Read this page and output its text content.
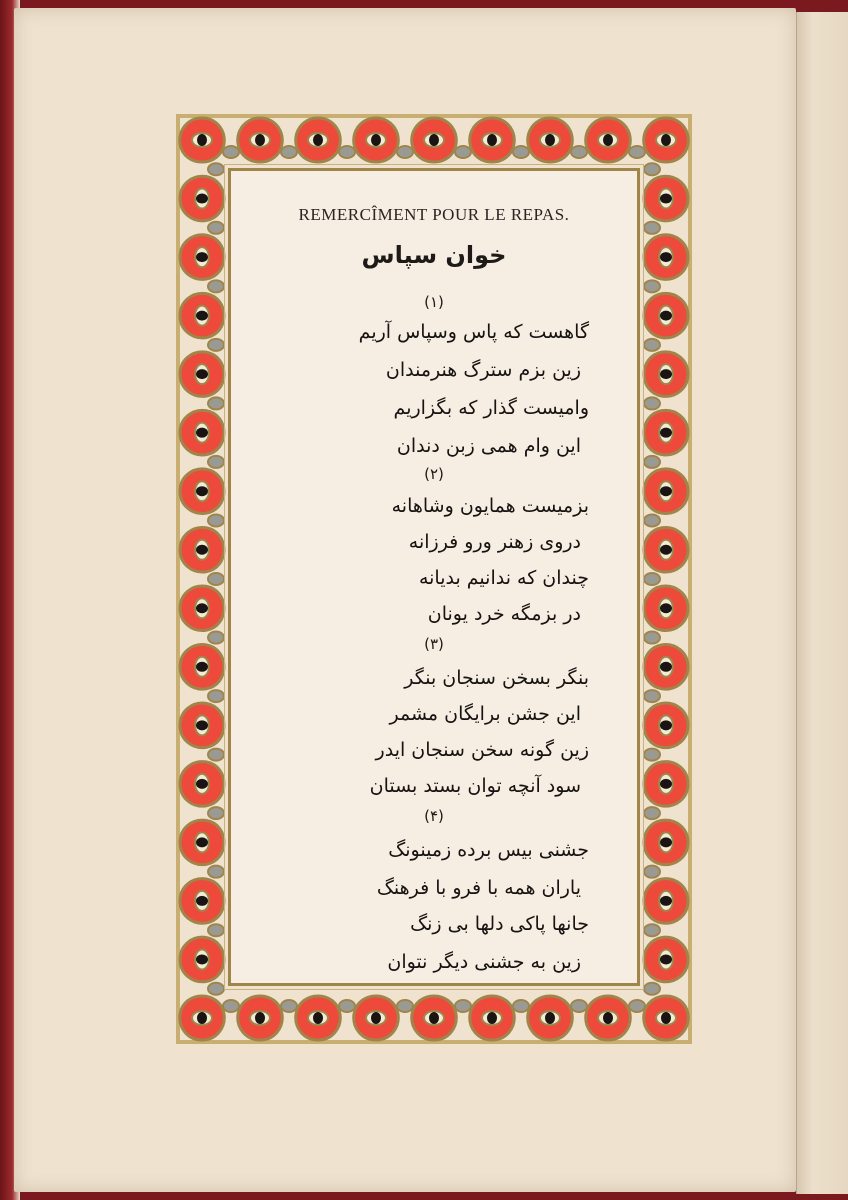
REMERCÎMENT POUR LE REPAS.
خوان سپاس
(۱)
گاهست که پاس وسپاس آریم
زین بزم سترگ هنرمندان
وامیست گذار که بگزاریم
این وام همی زبن دندان
(۲)
بزمیست همایون وشاهانه
دروی زهنر ورو فرزانه
چندان که ندانیم بدیانه
در بزمگه خرد یونان
(۳)
بنگر بسخن سنجان بنگر
این جشن برایگان مشمر
زین گونه سخن سنجان ایدر
سود آنچه توان بستد بستان
(۴)
جشنی بیس برده زمینونگ
یاران همه با فرو با فرهنگ
جانها پاکی دلها بی زنگ
زین به جشنی دیگر نتوان
